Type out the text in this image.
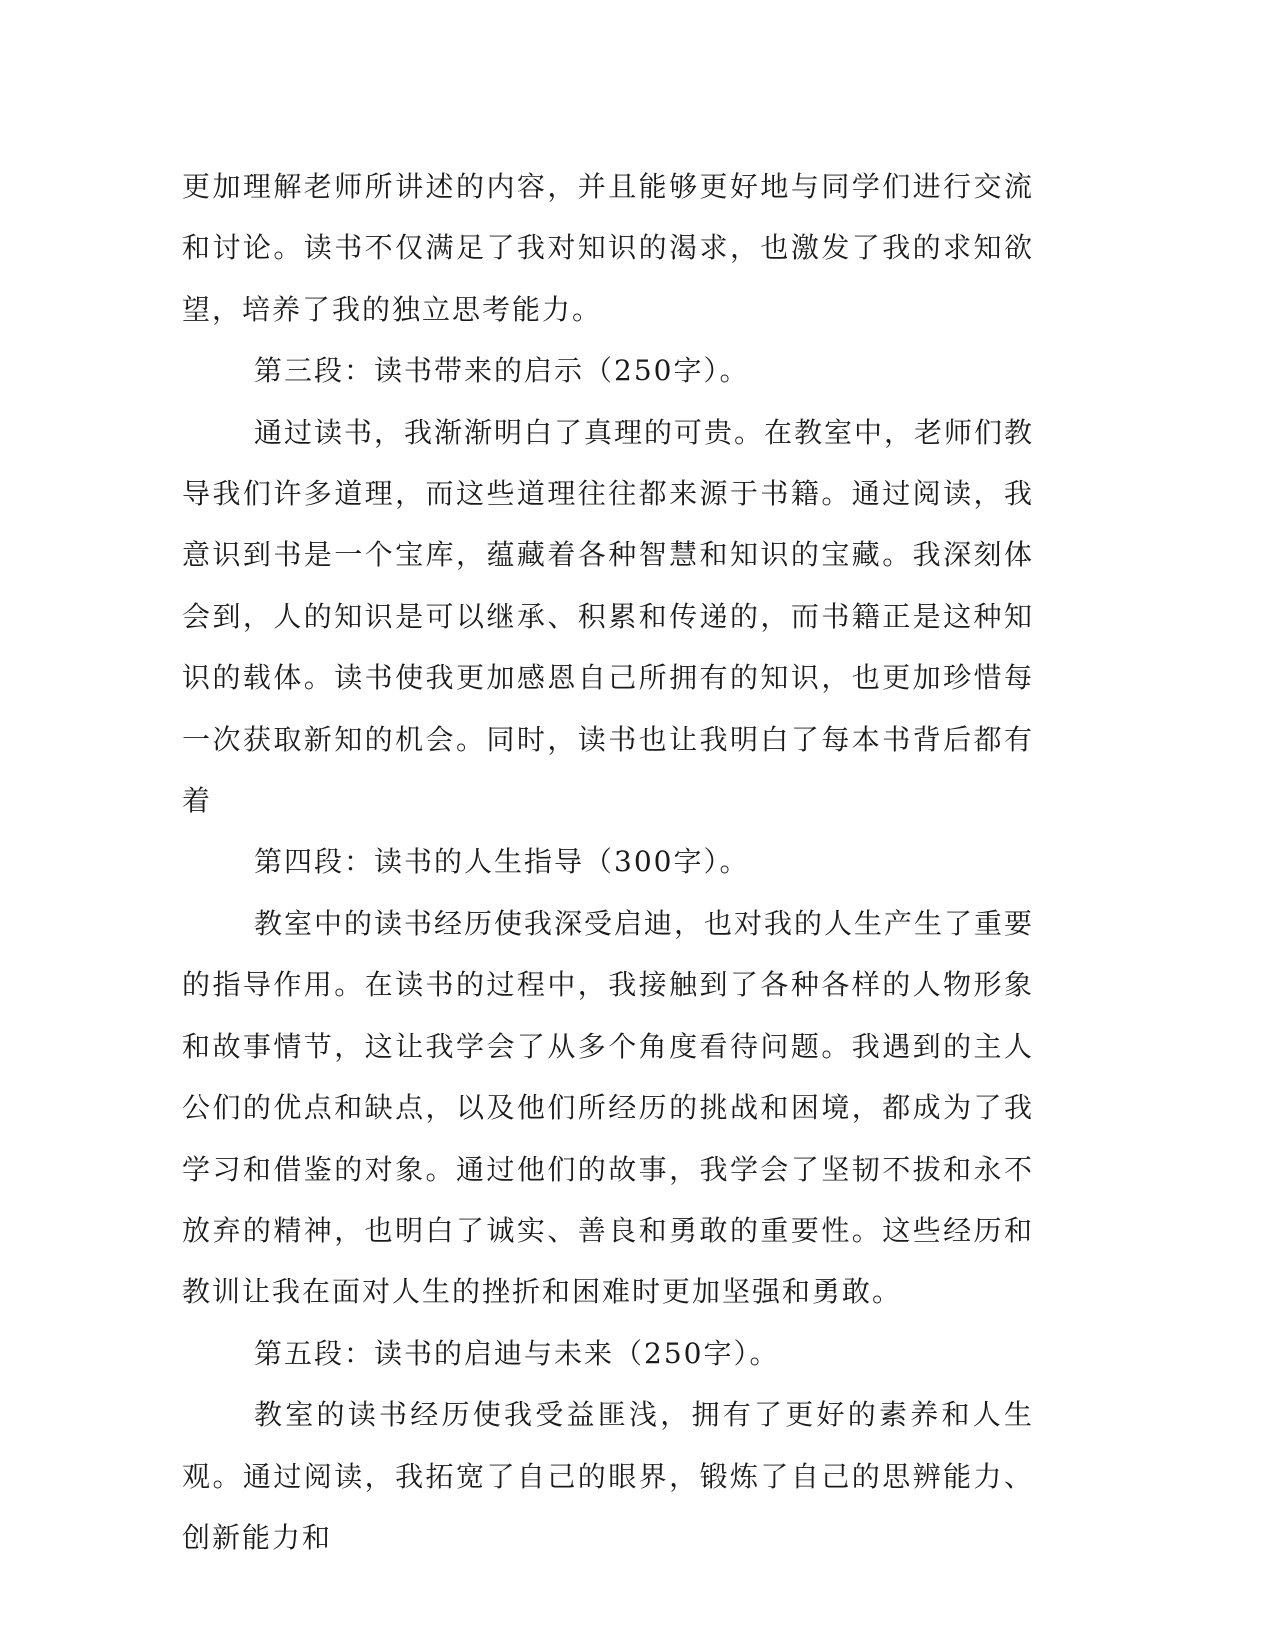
更加理解老师所讲述的内容，并且能够更好地与同学们进行交流和讨论。读书不仅满足了我对知识的渴求，也激发了我的求知欲望，培养了我的独立思考能力。

第三段：读书带来的启示（250字）。

通过读书，我渐渐明白了真理的可贵。在教室中，老师们教导我们许多道理，而这些道理往往都来源于书籍。通过阅读，我意识到书是一个宝库，蕴藏着各种智慧和知识的宝藏。我深刻体会到，人的知识是可以继承、积累和传递的，而书籍正是这种知识的载体。读书使我更加感恩自己所拥有的知识，也更加珍惜每一次获取新知的机会。同时，读书也让我明白了每本书背后都有着

第四段：读书的人生指导（300字）。

教室中的读书经历使我深受启迪，也对我的人生产生了重要的指导作用。在读书的过程中，我接触到了各种各样的人物形象和故事情节，这让我学会了从多个角度看待问题。我遇到的主人公们的优点和缺点，以及他们所经历的挑战和困境，都成为了我学习和借鉴的对象。通过他们的故事，我学会了坚韧不拔和永不放弃的精神，也明白了诚实、善良和勇敢的重要性。这些经历和教训让我在面对人生的挫折和困难时更加坚强和勇敢。

第五段：读书的启迪与未来（250字）。

教室的读书经历使我受益匪浅，拥有了更好的素养和人生观。通过阅读，我拓宽了自己的眼界，锻炼了自己的思辨能力、创新能力和
